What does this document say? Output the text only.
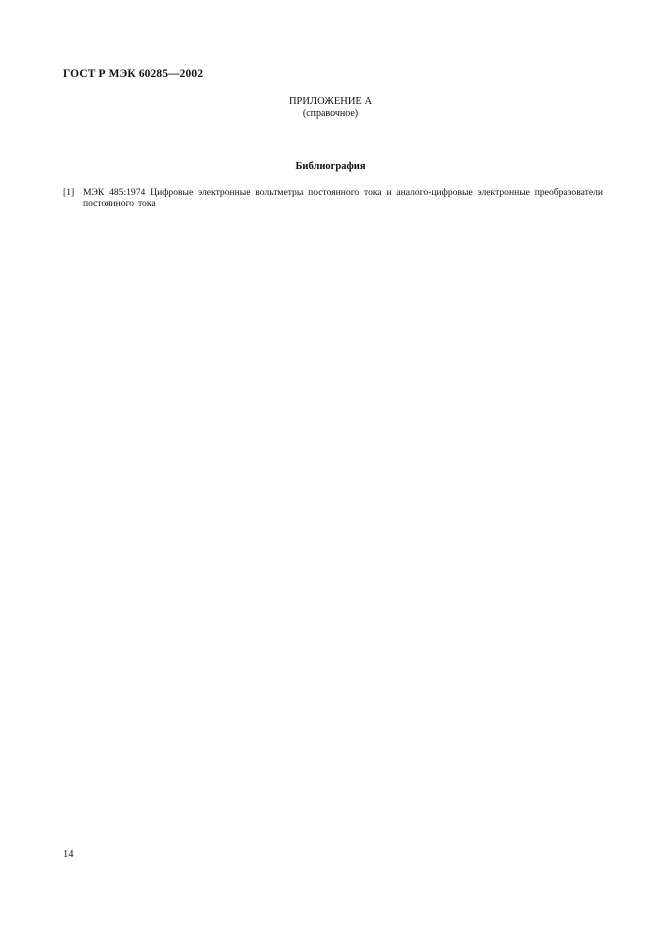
ГОСТ Р МЭК 60285—2002
ПРИЛОЖЕНИЕ А
(справочное)
Библиография
[1] МЭК 485:1974 Цифровые электронные вольтметры постоянного тока и аналого-цифровые электронные преобразователи постоянного тока
14
